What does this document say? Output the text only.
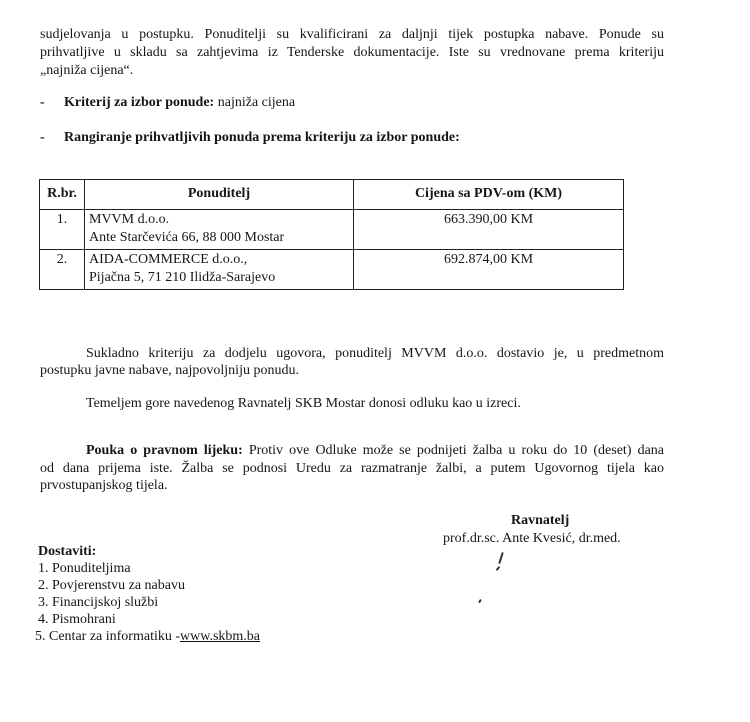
sudjelovanja u postupku. Ponuditelji su kvalificirani za daljnji tijek postupka nabave. Ponude su
prihvatljive u skladu sa zahtjevima iz Tenderske dokumentacije. Iste su vrednovane prema kriteriju
„najniža cijena“.
- Kriterij za izbor ponude: najniža cijena
- Rangiranje prihvatljivih ponuda prema kriteriju za izbor ponude:
R.br.	Ponuditelj	Cijena sa PDV-om (KM)
1.	MVVM d.o.o.
Ante Starčevića 66, 88 000 Mostar	663.390,00 KM
2.	AIDA-COMMERCE d.o.o.,
Pijačna 5, 71 210 Ilidža-Sarajevo	692.874,00 KM
Sukladno kriteriju za dodjelu ugovora, ponuditelj MVVM d.o.o. dostavio je, u predmetnom
postupku javne nabave, najpovoljniju ponudu.
Temeljem gore navedenog Ravnatelj SKB Mostar donosi odluku kao u izreci.
Pouka o pravnom lijeku: Protiv ove Odluke može se podnijeti žalba u roku do 10 (deset) dana
od dana prijema iste. Žalba se podnosi Uredu za razmatranje žalbi, a putem Ugovornog tijela kao
prvostupanjskog tijela.
Ravnatelj
prof.dr.sc. Ante Kvesić, dr.med.
Dostaviti:
1. Ponuditeljima
2. Povjerenstvu za nabavu
3. Financijskoj službi
4. Pismohrani
5. Centar za informatiku -www.skbm.ba
